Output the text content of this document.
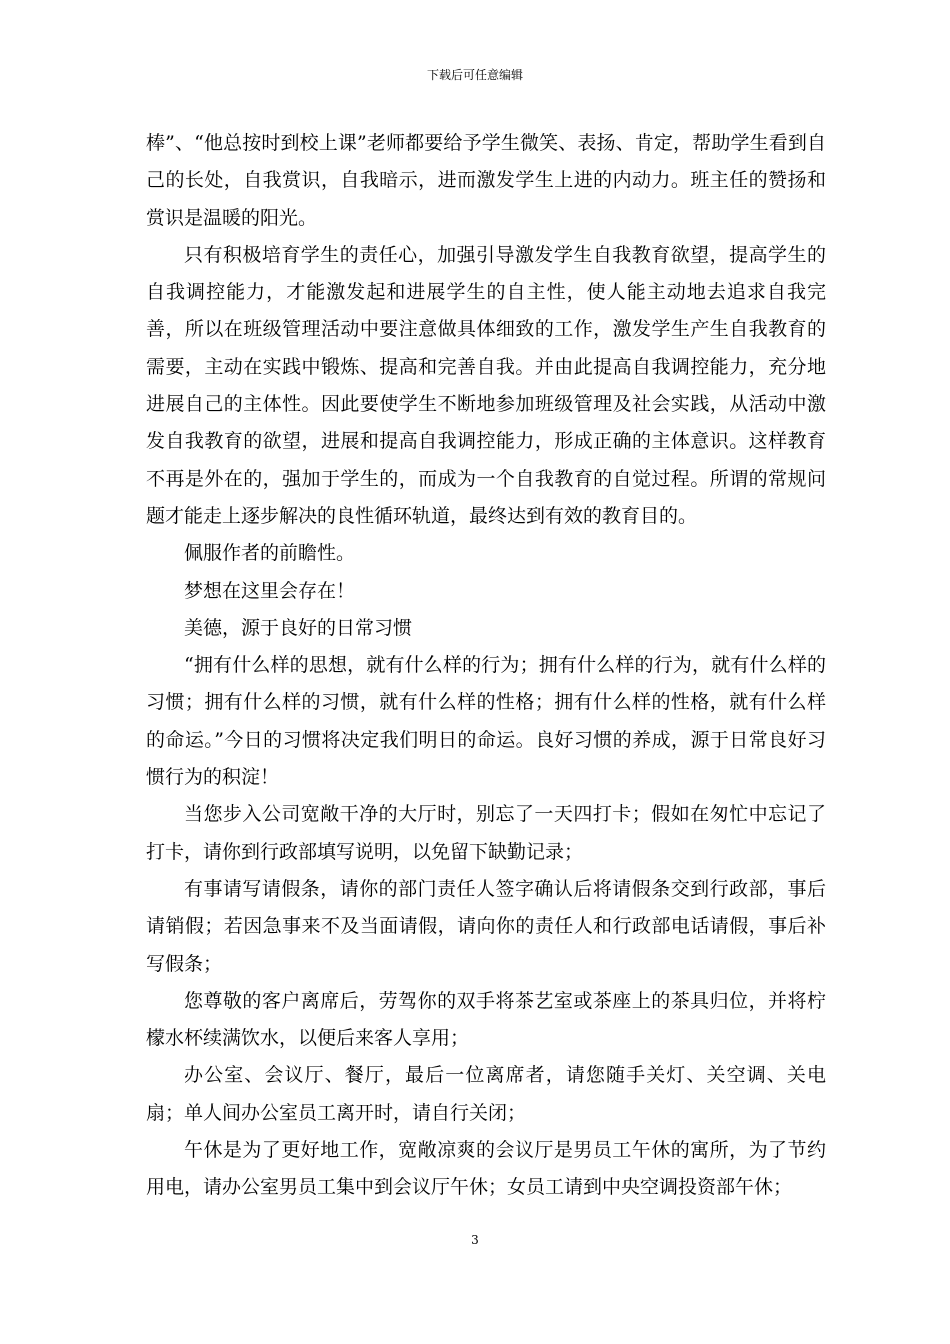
下载后可任意编辑

棒”、“他总按时到校上课”老师都要给予学生微笑、表扬、肯定，帮助学生看到自己的长处，自我赏识，自我暗示，进而激发学生上进的内动力。班主任的赞扬和赏识是温暖的阳光。

只有积极培育学生的责任心，加强引导激发学生自我教育欲望，提高学生的自我调控能力，才能激发起和进展学生的自主性，使人能主动地去追求自我完善，所以在班级管理活动中要注意做具体细致的工作，激发学生产生自我教育的需要，主动在实践中锻炼、提高和完善自我。并由此提高自我调控能力，充分地进展自己的主体性。因此要使学生不断地参加班级管理及社会实践，从活动中激发自我教育的欲望，进展和提高自我调控能力，形成正确的主体意识。这样教育不再是外在的，强加于学生的，而成为一个自我教育的自觉过程。所谓的常规问题才能走上逐步解决的良性循环轨道，最终达到有效的教育目的。

佩服作者的前瞻性。

梦想在这里会存在！

美德，源于良好的日常习惯

“拥有什么样的思想，就有什么样的行为；拥有什么样的行为，就有什么样的习惯；拥有什么样的习惯，就有什么样的性格；拥有什么样的性格，就有什么样的命运。”今日的习惯将决定我们明日的命运。良好习惯的养成，源于日常良好习惯行为的积淀！

当您步入公司宽敞干净的大厅时，别忘了一天四打卡；假如在匆忙中忘记了打卡，请你到行政部填写说明，以免留下缺勤记录；

有事请写请假条，请你的部门责任人签字确认后将请假条交到行政部，事后请销假；若因急事来不及当面请假，请向你的责任人和行政部电话请假，事后补写假条；

您尊敬的客户离席后，劳驾你的双手将茶艺室或茶座上的茶具归位，并将柠檬水杯续满饮水，以便后来客人享用；

办公室、会议厅、餐厅，最后一位离席者，请您随手关灯、关空调、关电扇；单人间办公室员工离开时，请自行关闭；

午休是为了更好地工作，宽敞凉爽的会议厅是男员工午休的寓所，为了节约用电，请办公室男员工集中到会议厅午休；女员工请到中央空调投资部午休；

3
